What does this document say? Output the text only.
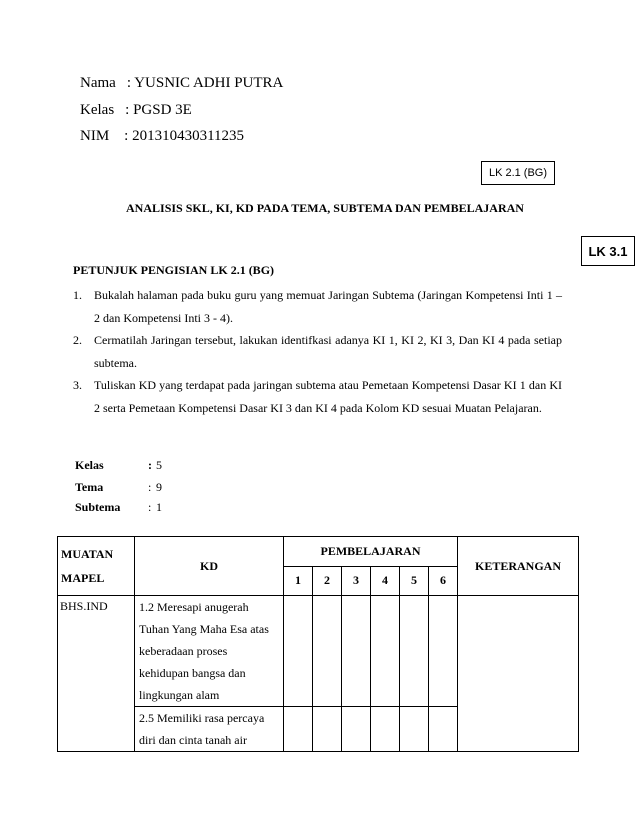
Nama : YUSNIC ADHI PUTRA
Kelas : PGSD 3E
NIM : 201310430311235
LK 2.1 (BG)
LK 3.1
ANALISIS SKL, KI, KD PADA TEMA, SUBTEMA DAN PEMBELAJARAN
PETUNJUK PENGISIAN LK 2.1 (BG)
1. Bukalah halaman pada buku guru yang memuat Jaringan Subtema (Jaringan Kompetensi Inti 1 – 2 dan Kompetensi Inti 3 - 4).
2. Cermatilah Jaringan tersebut, lakukan identifkasi adanya KI 1, KI 2, KI 3, Dan KI 4 pada setiap subtema.
3. Tuliskan KD yang terdapat pada jaringan subtema atau Pemetaan Kompetensi Dasar KI 1 dan KI 2 serta Pemetaan Kompetensi Dasar KI 3 dan KI 4 pada Kolom KD sesuai Muatan Pelajaran.
Kelas	: 5
Tema	: 9
Subtema : 1
MUATAN MAPEL	KD	PEMBELAJARAN						KETERANGAN
		1	2	3	4	5	6	
BHS.IND	1.2 Meresapi anugerah Tuhan Yang Maha Esa atas keberadaan proses kehidupan bangsa dan lingkungan alam							
	2.5 Memiliki rasa percaya diri dan cinta tanah air							
